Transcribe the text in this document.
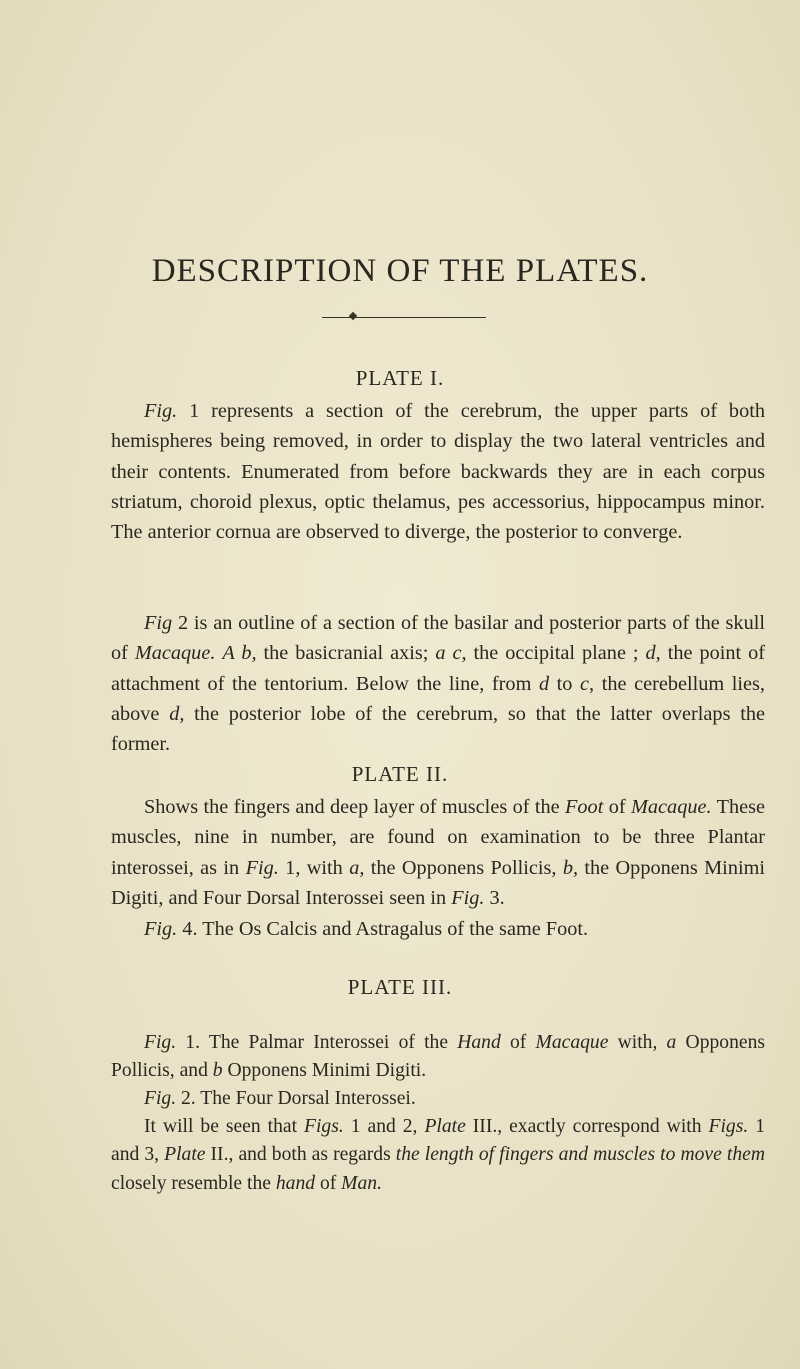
DESCRIPTION OF THE PLATES.
PLATE I.

Fig. 1 represents a section of the cerebrum, the upper parts of both hemispheres being removed, in order to display the two lateral ventricles and their contents. Enumerated from before backwards they are in each corpus striatum, choroid plexus, optic thelamus, pes accessorius, hippocampus minor. The anterior cornua are observed to diverge, the posterior to converge.

Fig 2 is an outline of a section of the basilar and posterior parts of the skull of Macaque. A b, the basicranial axis; a c, the occipital plane ; d, the point of attachment of the tentorium. Below the line, from d to c, the cerebellum lies, above d, the posterior lobe of the cerebrum, so that the latter overlaps the former.

PLATE II.

Shows the fingers and deep layer of muscles of the Foot of Macaque. These muscles, nine in number, are found on examination to be three Plantar interossei, as in Fig. 1, with a, the Opponens Pollicis, b, the Opponens Minimi Digiti, and Four Dorsal Interossei seen in Fig. 3.

Fig. 4. The Os Calcis and Astragalus of the same Foot.

PLATE III.

Fig. 1. The Palmar Interossei of the Hand of Macaque with, a Opponens Pollicis, and b Opponens Minimi Digiti.

Fig. 2. The Four Dorsal Interossei.

It will be seen that Figs. 1 and 2, Plate III., exactly correspond with Figs. 1 and 3, Plate II., and both as regards the length of fingers and muscles to move them closely resemble the hand of Man.
